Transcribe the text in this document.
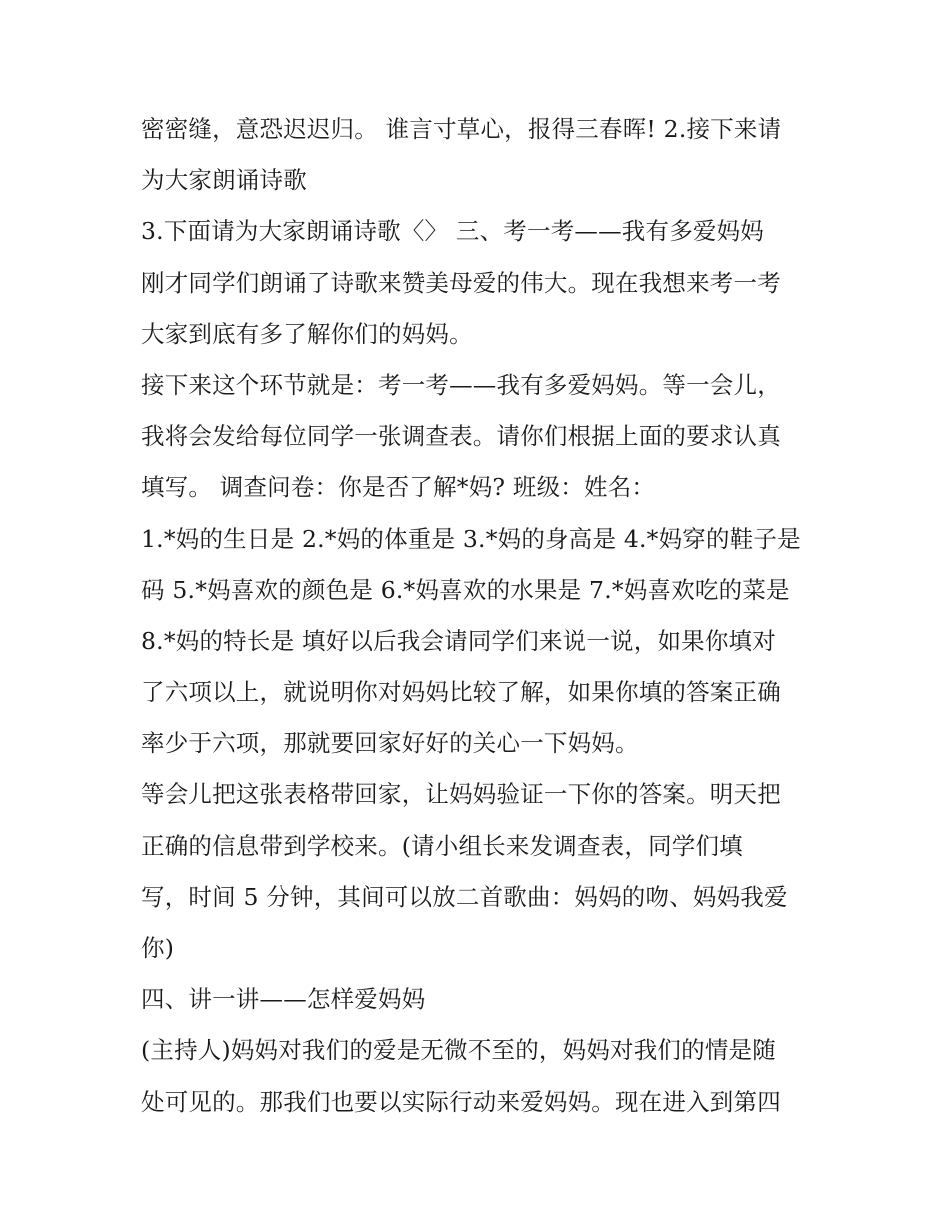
密密缝，意恐迟迟归。 谁言寸草心，报得三春晖! 2.接下来请
为大家朗诵诗歌
3.下面请为大家朗诵诗歌〈〉 三、考一考——我有多爱妈妈
刚才同学们朗诵了诗歌来赞美母爱的伟大。现在我想来考一考
大家到底有多了解你们的妈妈。
接下来这个环节就是：考一考——我有多爱妈妈。等一会儿，
我将会发给每位同学一张调查表。请你们根据上面的要求认真
填写。 调查问卷：你是否了解*妈? 班级：姓名：
1.*妈的生日是 2.*妈的体重是 3.*妈的身高是 4.*妈穿的鞋子是
码 5.*妈喜欢的颜色是 6.*妈喜欢的水果是 7.*妈喜欢吃的菜是
8.*妈的特长是 填好以后我会请同学们来说一说，如果你填对
了六项以上，就说明你对妈妈比较了解，如果你填的答案正确
率少于六项，那就要回家好好的关心一下妈妈。
等会儿把这张表格带回家，让妈妈验证一下你的答案。明天把
正确的信息带到学校来。(请小组长来发调查表，同学们填
写，时间 5 分钟，其间可以放二首歌曲：妈妈的吻、妈妈我爱
你)
四、讲一讲——怎样爱妈妈
(主持人)妈妈对我们的爱是无微不至的，妈妈对我们的情是随
处可见的。那我们也要以实际行动来爱妈妈。现在进入到第四
